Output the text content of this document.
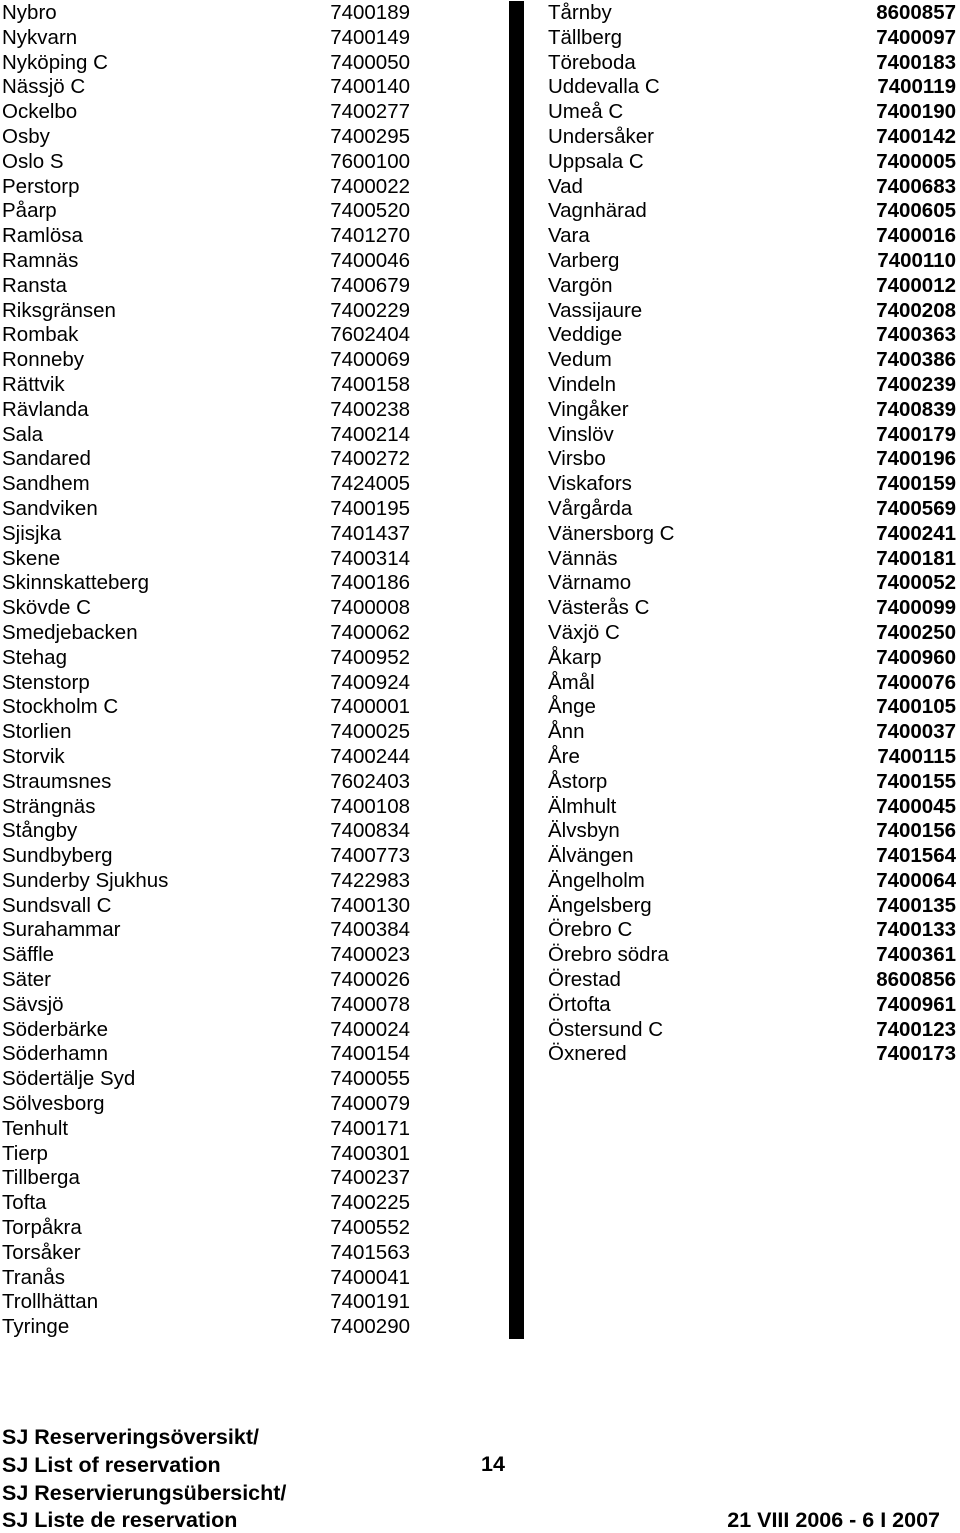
Nybro	7400189
Nykvarn	7400149
Nyköping C	7400050
Nässjö C	7400140
Ockelbo	7400277
Osby	7400295
Oslo S	7600100
Perstorp	7400022
Påarp	7400520
Ramlösa	7401270
Ramnäs	7400046
Ransta	7400679
Riksgränsen	7400229
Rombak	7602404
Ronneby	7400069
Rättvik	7400158
Rävlanda	7400238
Sala	7400214
Sandared	7400272
Sandhem	7424005
Sandviken	7400195
Sjisjka	7401437
Skene	7400314
Skinnskatteberg	7400186
Skövde C	7400008
Smedjebacken	7400062
Stehag	7400952
Stenstorp	7400924
Stockholm C	7400001
Storlien	7400025
Storvik	7400244
Straumsnes	7602403
Strängnäs	7400108
Stångby	7400834
Sundbyberg	7400773
Sunderby Sjukhus	7422983
Sundsvall C	7400130
Surahammar	7400384
Säffle	7400023
Säter	7400026
Sävsjö	7400078
Söderbärke	7400024
Söderhamn	7400154
Södertälje Syd	7400055
Sölvesborg	7400079
Tenhult	7400171
Tierp	7400301
Tillberga	7400237
Tofta	7400225
Torpåkra	7400552
Torsåker	7401563
Tranås	7400041
Trollhättan	7400191
Tyringe	7400290
Tårnby	8600857
Tällberg	7400097
Töreboda	7400183
Uddevalla C	7400119
Umeå C	7400190
Undersåker	7400142
Uppsala C	7400005
Vad	7400683
Vagnhärad	7400605
Vara	7400016
Varberg	7400110
Vargön	7400012
Vassijaure	7400208
Veddige	7400363
Vedum	7400386
Vindeln	7400239
Vingåker	7400839
Vinslöv	7400179
Virsbo	7400196
Viskafors	7400159
Vårgårda	7400569
Vänersborg C	7400241
Vännäs	7400181
Värnamo	7400052
Västerås C	7400099
Växjö C	7400250
Åkarp	7400960
Åmål	7400076
Ånge	7400105
Ånn	7400037
Åre	7400115
Åstorp	7400155
Älmhult	7400045
Älvsbyn	7400156
Älvängen	7401564
Ängelholm	7400064
Ängelsberg	7400135
Örebro C	7400133
Örebro södra	7400361
Örestad	8600856
Örtofta	7400961
Östersund C	7400123
Öxnered	7400173
SJ Reserveringsöversikt/
SJ List of reservation
SJ Reservierungsübersicht/
SJ Liste de reservation
14
21 VIII 2006 - 6 I 2007
